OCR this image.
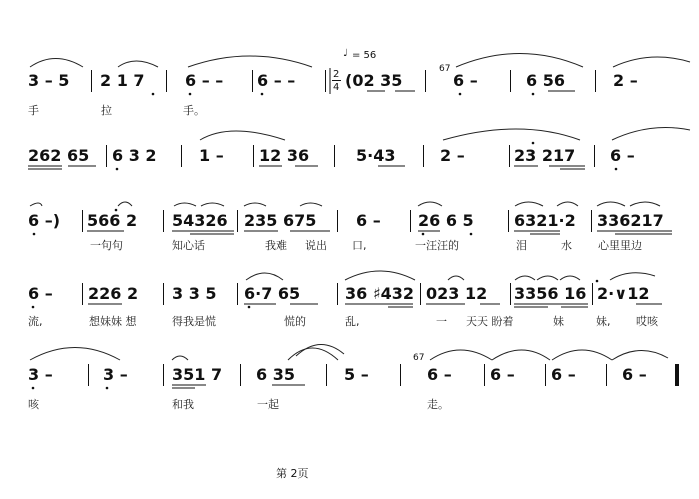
♩ = 56
2
4
67
3 – 5 2 1 7	6 – – 6 – –	(02 35	6 –	6 56	2 –
手	拉	手。
262 65 6 3 2	1 – 12 36	5·43	2 –	23 217 6 –
6 –) 566 2 54326 235 675 6 – 26 6 5	6321·2 336217
一句句	知心话	我难 说出 口,	一汪汪的	泪	水 心里里边
6 – 226 2 3 3 5 6·7 65	36 ♯432 023 12 3356 16 2·∨12
流,	想妹妹 想	得我是慌	慌的	乱,	一 天天 盼着	妹	妹, 哎咳
67
3 –	3 –	351 7 6 35	5 –	6 – 6 – 6 –	6 –
咳	和我	一起	走。
第 2页
